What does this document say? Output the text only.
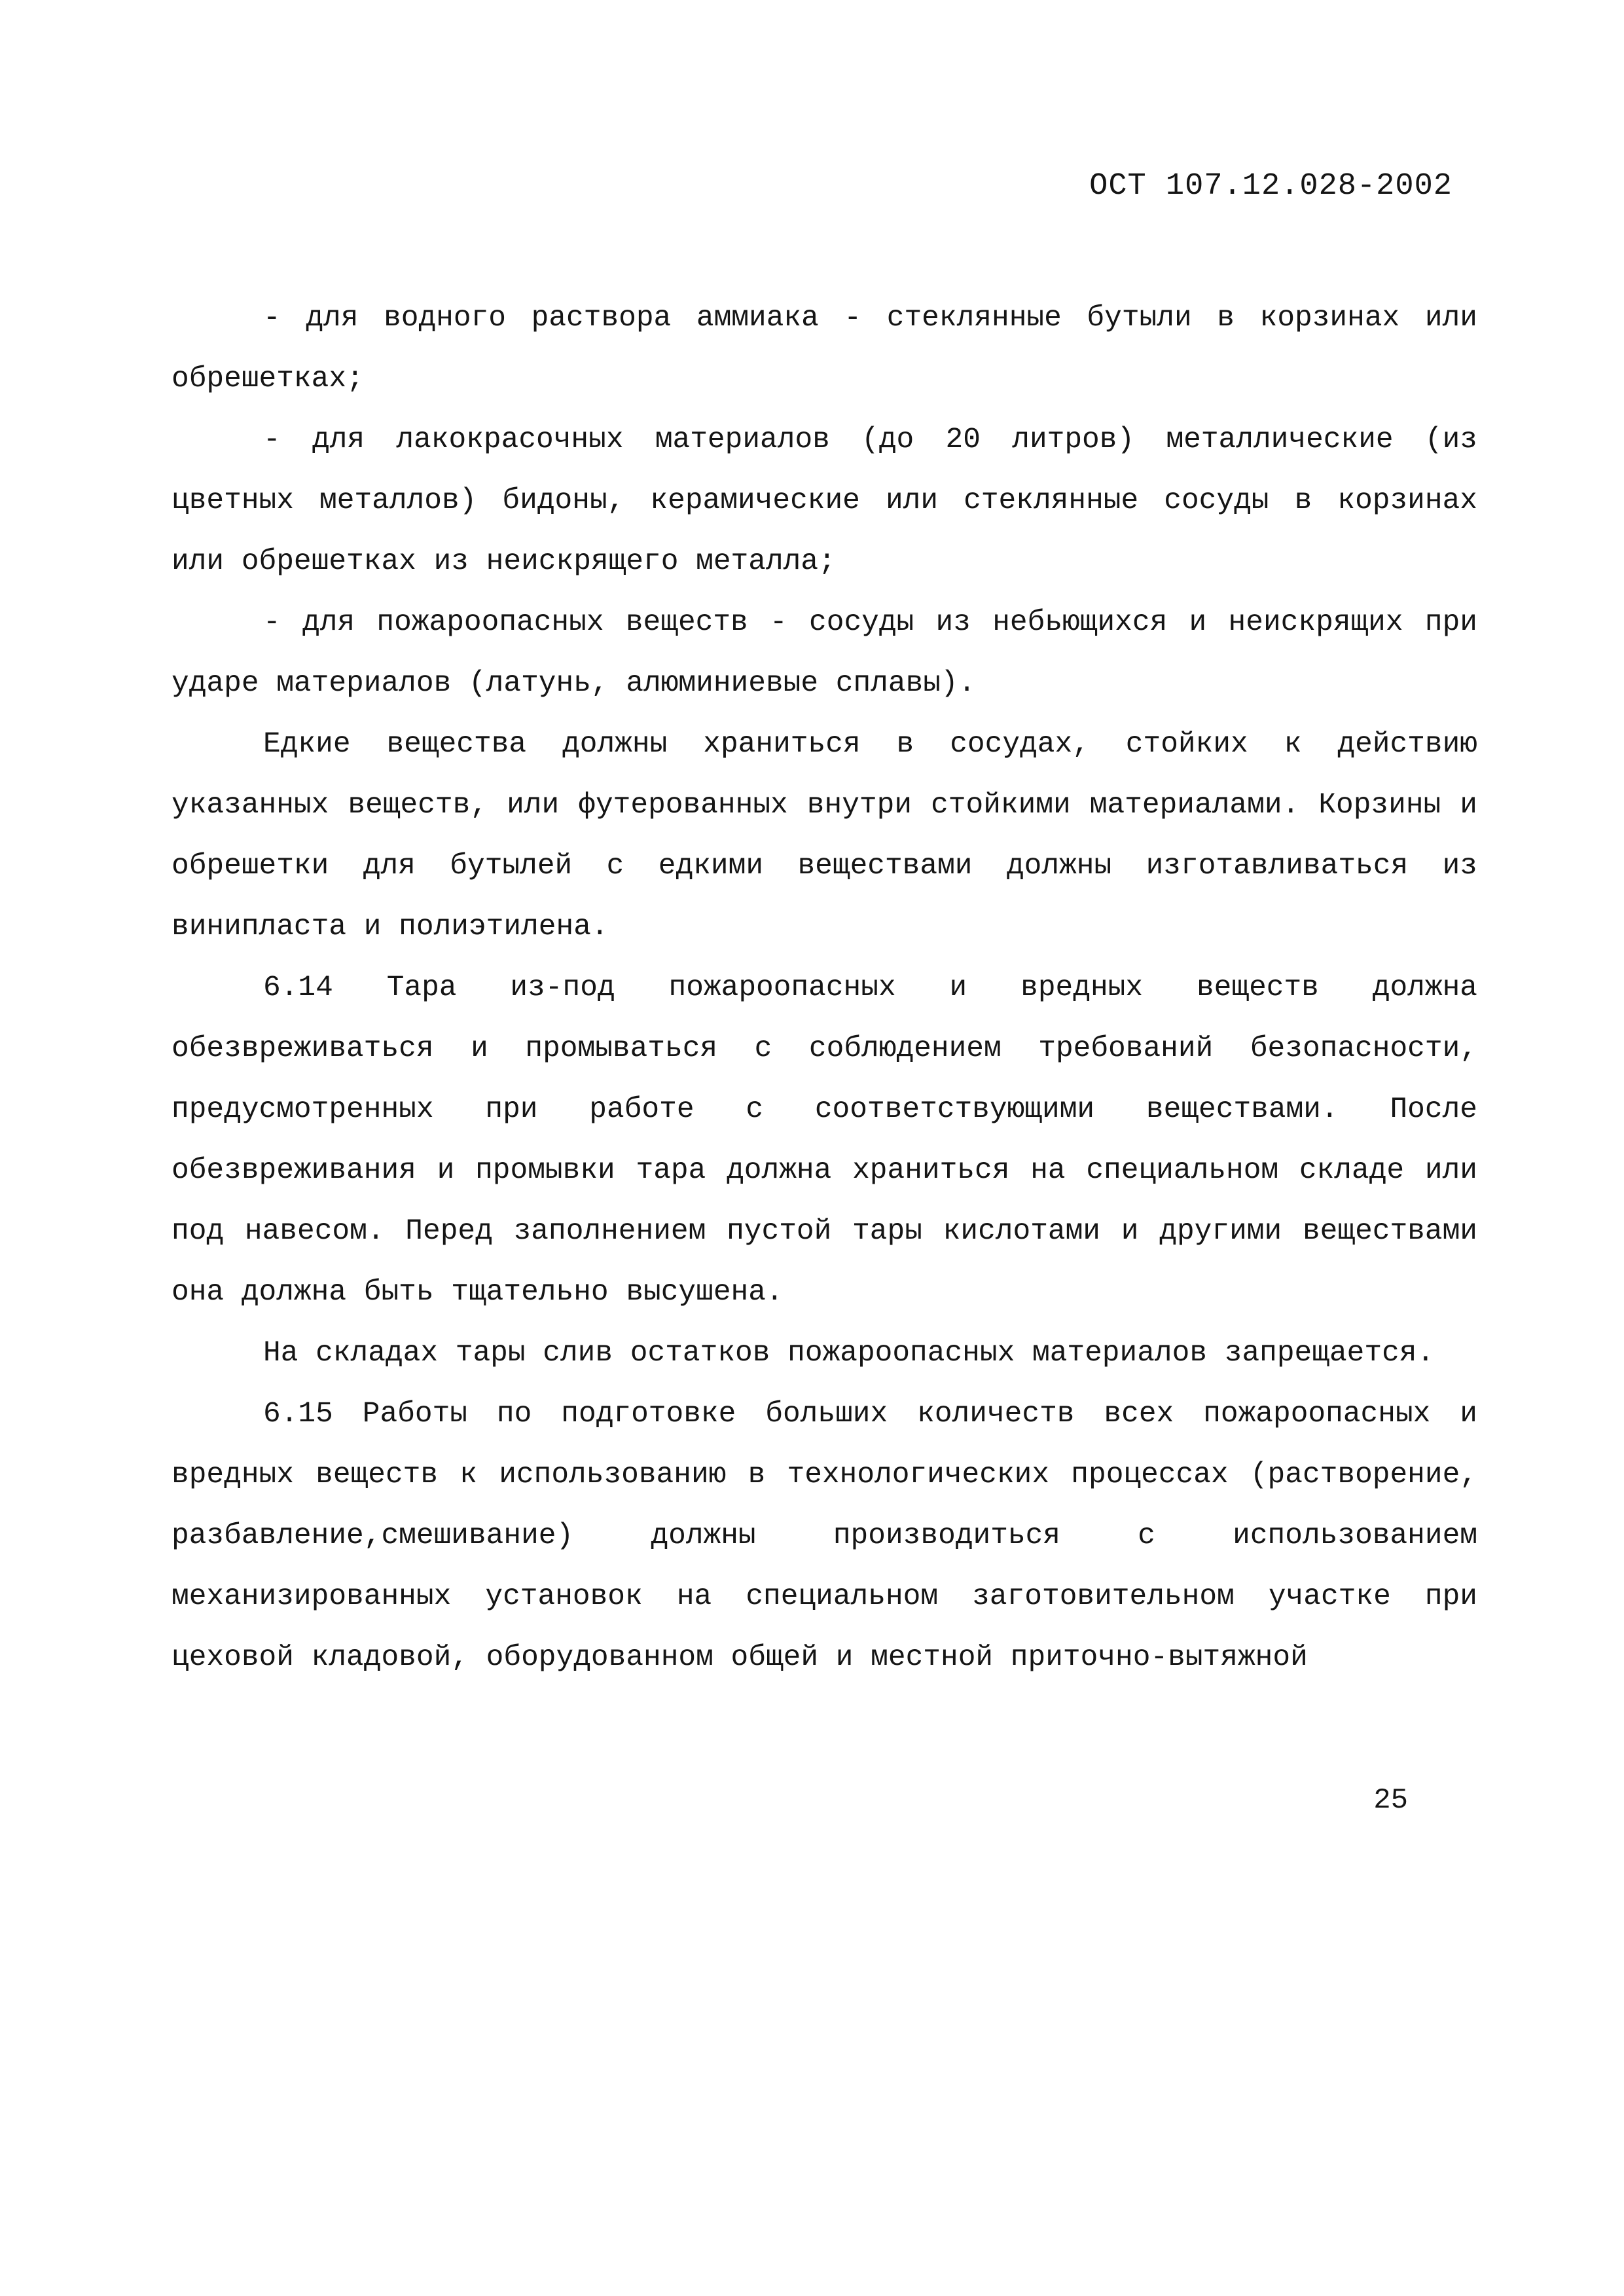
ОСТ 107.12.028-2002

- для водного раствора аммиака - стеклянные бутыли в корзинах или обрешетках;

- для лакокрасочных материалов (до 20 литров) металлические (из цветных металлов) бидоны, керамические или стеклянные сосуды в корзинах или обрешетках из неискрящего металла;

- для пожароопасных веществ - сосуды из небьющихся и неискрящих при ударе материалов (латунь, алюминиевые сплавы).

Едкие вещества должны храниться в сосудах, стойких к действию указанных веществ, или футерованных внутри стойкими материалами. Корзины и обрешетки для бутылей с едкими веществами должны изготавливаться из винипласта и полиэтилена.

6.14 Тара из-под пожароопасных и вредных веществ должна обезвреживаться и промываться с соблюдением требований безопасности, предусмотренных при работе с соответствующими веществами. После обезвреживания и промывки тара должна храниться на специальном складе или под навесом. Перед заполнением пустой тары кислотами и другими веществами она должна быть тщательно высушена.

На складах тары слив остатков пожароопасных материалов запрещается.

6.15 Работы по подготовке больших количеств всех пожароопасных и вредных веществ к использованию в технологических процессах (растворение, разбавление,смешивание) должны производиться с использованием механизированных установок на специальном заготовительном участке при цеховой кладовой, оборудованном общей и местной приточно-вытяжной

25
